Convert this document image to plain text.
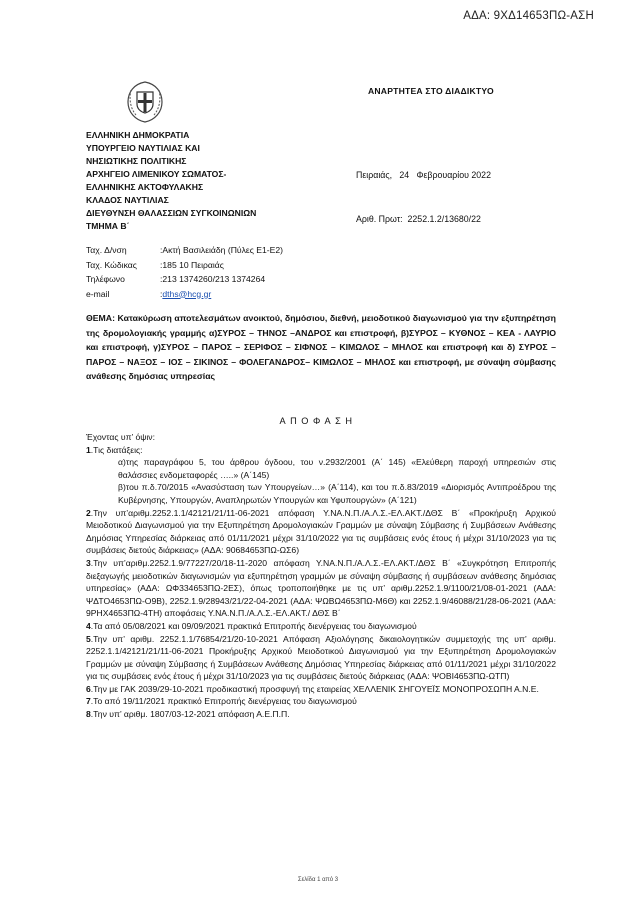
ΑΔΑ: 9ΧΔ14653ΠΩ-ΑΣΗ
ΑΝΑΡΤΗΤΕΑ ΣΤΟ ΔΙΑΔΙΚΤΥΟ
ΕΛΛΗΝΙΚΗ ΔΗΜΟΚΡΑΤΙΑ
ΥΠΟΥΡΓΕΙΟ ΝΑΥΤΙΛΙΑΣ ΚΑΙ
ΝΗΣΙΩΤΙΚΗΣ ΠΟΛΙΤΙΚΗΣ
ΑΡΧΗΓΕΙΟ ΛΙΜΕΝΙΚΟΥ ΣΩΜΑΤΟΣ-
ΕΛΛΗΝΙΚΗΣ ΑΚΤΟΦΥΛΑΚΗΣ
ΚΛΑΔΟΣ ΝΑΥΤΙΛΙΑΣ
ΔΙΕΥΘΥΝΣΗ ΘΑΛΑΣΣΙΩΝ ΣΥΓΚΟΙΝΩΝΙΩΝ
ΤΜΗΜΑ Β΄
Πειραιάς,   24   Φεβρουαρίου 2022
Αριθ. Πρωτ:  2252.1.2/13680/22
Ταχ. Δ/νση	:Ακτή Βασιλειάδη (Πύλες Ε1-Ε2)
Ταχ. Κώδικας	:185 10 Πειραιάς
Τηλέφωνο	:213 1374260/213 1374264
e-mail	: dths@hcg.gr
ΘΕΜΑ: Κατακύρωση αποτελεσμάτων ανοικτού, δημόσιου, διεθνή, μειοδοτικού διαγωνισμού για την εξυπηρέτηση της δρομολογιακής γραμμής α)ΣΥΡΟΣ – ΤΗΝΟΣ –ΑΝΔΡΟΣ και επιστροφή, β)ΣΥΡΟΣ – ΚΥΘΝΟΣ – ΚΕΑ - ΛΑΥΡΙΟ και επιστροφή, γ)ΣΥΡΟΣ – ΠΑΡΟΣ – ΣΕΡΙΦΟΣ – ΣΙΦΝΟΣ – ΚΙΜΩΛΟΣ – ΜΗΛΟΣ και επιστροφή και δ) ΣΥΡΟΣ – ΠΑΡΟΣ – ΝΑΞΟΣ – ΙΟΣ – ΣΙΚΙΝΟΣ – ΦΟΛΕΓΑΝΔΡΟΣ– ΚΙΜΩΛΟΣ – ΜΗΛΟΣ και επιστροφή, με σύναψη σύμβασης ανάθεσης δημόσιας υπηρεσίας
ΑΠΟΦΑΣΗ

Έχοντας υπ’ όψιν:

1.Τις διατάξεις:

α)της παραγράφου 5, του άρθρου όγδοου, του ν.2932/2001 (Α΄ 145) «Ελεύθερη παροχή υπηρεσιών στις θαλάσσιες ενδομεταφορές …..» (Α΄145)

β)του π.δ.70/2015 «Ανασύσταση των Υπουργείων…» (Α΄114), και του π.δ.83/2019 «Διορισμός Αντιπροέδρου της Κυβέρνησης, Υπουργών, Αναπληρωτών Υπουργών και Υφυπουργών» (Α΄121)

2.Την υπ’αριθμ.2252.1.1/42121/21/11-06-2021 απόφαση Υ.ΝΑ.Ν.Π./Α.Λ.Σ.-ΕΛ.ΑΚΤ./ΔΘΣ Β΄ «Προκήρυξη Αρχικού Μειοδοτικού Διαγωνισμού για την Εξυπηρέτηση Δρομολογιακών Γραμμών με σύναψη Σύμβασης ή Συμβάσεων Ανάθεσης Δημόσιας Υπηρεσίας διάρκειας από 01/11/2021 μέχρι 31/10/2022 για τις συμβάσεις ενός έτους ή μέχρι 31/10/2023 για τις συμβάσεις διετούς διάρκειας» (ΑΔΑ: 90684653ΠΩ-ΩΣ6)

3.Την υπ’αριθμ.2252.1.9/77227/20/18-11-2020 απόφαση Υ.ΝΑ.Ν.Π./Α.Λ.Σ.-ΕΛ.ΑΚΤ./ΔΘΣ Β΄ «Συγκρότηση Επιτροπής διεξαγωγής μειοδοτικών διαγωνισμών για εξυπηρέτηση γραμμών με σύναψη σύμβασης ή συμβάσεων ανάθεσης δημόσιας υπηρεσίας» (ΑΔΑ: ΩΦ334653ΠΩ-2ΕΣ), όπως τροποποιήθηκε με τις υπ’ αριθμ.2252.1.9/1100/21/08-01-2021 (ΑΔΑ: ΨΔΤΟ4653ΠΩ-Ο9Β), 2252.1.9/28943/21/22-04-2021 (ΑΔΑ: ΨΩΒΩ4653ΠΩ-Μ6Θ) και 2252.1.9/46088/21/28-06-2021 (ΑΔΑ: 9ΡΗΧ4653ΠΩ-4ΤΗ) αποφάσεις Υ.ΝΑ.Ν.Π./Α.Λ.Σ.-ΕΛ.ΑΚΤ./ ΔΘΣ Β΄

4.Τα από 05/08/2021 και 09/09/2021 πρακτικά Επιτροπής διενέργειας του διαγωνισμού

5.Την υπ’ αριθμ. 2252.1.1/76854/21/20-10-2021 Απόφαση Αξιολόγησης δικαιολογητικών συμμετοχής της υπ’ αριθμ. 2252.1.1/42121/21/11-06-2021 Προκήρυξης Αρχικού Μειοδοτικού Διαγωνισμού για την Εξυπηρέτηση Δρομολογιακών Γραμμών με σύναψη Σύμβασης ή Συμβάσεων Ανάθεσης Δημόσιας Υπηρεσίας διάρκειας από 01/11/2021 μέχρι 31/10/2022 για τις συμβάσεις ενός έτους ή μέχρι 31/10/2023 για τις συμβάσεις διετούς διάρκειας (ΑΔΑ: ΨΟΒΙ4653ΠΩ-ΩΤΠ)

6.Την με ΓΑΚ 2039/29-10-2021 προδικαστική προσφυγή της εταιρείας ΧΕΛΛΕΝΙΚ ΣΗΓΟΥΕΪΣ ΜΟΝΟΠΡΟΣΩΠΗ Α.Ν.Ε.

7.Το από 19/11/2021 πρακτικό Επιτροπής διενέργειας του διαγωνισμού

8.Την υπ’ αριθμ. 1807/03-12-2021 απόφαση Α.Ε.Π.Π.

Σελίδα 1 από 3
